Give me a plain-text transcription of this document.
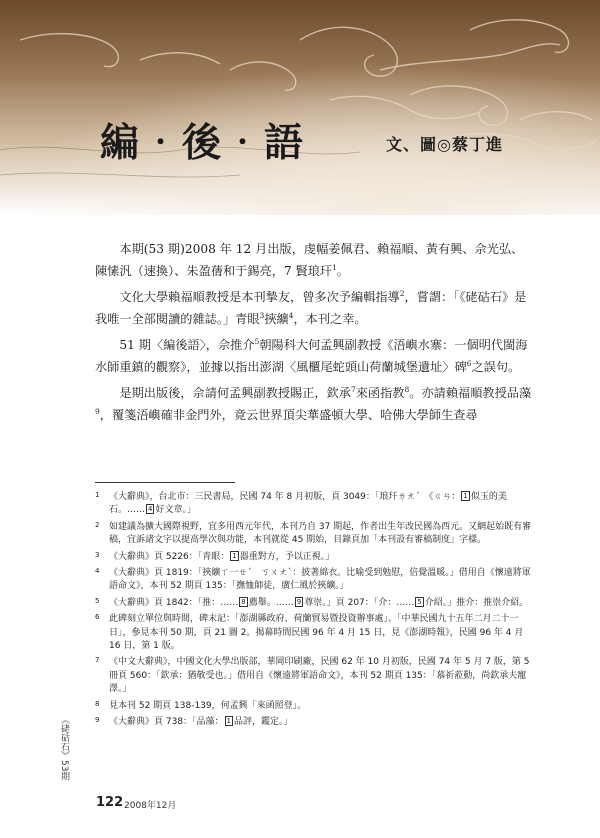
編‧後‧語	文、圖◎蔡丁進

本期(53 期)2008 年 12 月出版，虔幅姜佩君、賴福順、黃有興、佘光弘、陳愫汎（速換）、朱盈蒨和于錫亮，7 賢琅玕$^1$。

文化大學賴福順教授是本刊摯友，曾多次予編輯指導$^2$，嘗謂：「《硓𥑮石》是我唯一全部閱讀的雜誌。」青眼$^3$挾纊$^4$，本刊之幸。

51 期〈編後語〉，佘推介$^5$朝陽科大何孟興副教授《浯嶼水寨：一個明代閩海水師重鎮的觀察》，並據以指出澎湖〈風櫃尾蛇頭山荷蘭城堡遺址〉碑$^6$之誤句。

是期出版後，佘請何孟興副教授賜正，欽承$^7$來函指教$^8$。亦請賴福順教授品藻$^9$，覆箋浯嶼確非金門外，竟云世界頂尖華盛頓大學、哈佛大學師生查尋

1 《大辭典》，台北市：三民書局，民國 74 年 8 月初版，頁 3049：「琅玕ㄌㄤˊ　《ㄍㄢ： 1 似玉的美石。…… 4 好文章。」
2 如建議為擴大國際視野，宜多用西元年代，本刊乃自 37 期起，作者出生年改民國為西元。又網起始既有審稿，宜訴諸文字以提高學次與功能，本刊就從 45 期始，目錄頁加「本刊設有審稿制度」字樣。
3 《大辭典》頁 5226：「青眼： 1 器重對方，予以正視。」
4 《大辭典》頁 1819：「挾纊ㄒ一ㄝˊ　ㄎㄨㄤˋ：披著綿衣。比喻受到勉慰，倍覺溫暖。」借用自《懷遠將軍語命文》，本刊 52 期頁 135：「撫恤師徒，廣仁風於挾纊。」
5 《大辭典》頁 1842：「推：…… 8 薦舉。…… 9 尊崇。」頁 207：「介：…… 5 介紹。」推介：推崇介紹。
6 此碑刻立單位與時間，碑末記：「澎湖縣政府、荷蘭貿易暨投資辦事處」、「中華民國九十五年二月二十一日」，參見本刊 50 期，頁 21 圖 2。揭幕時間民國 96 年 4 月 15 日，見《澎湖時報》，民國 96 年 4 月 16 日，第 1 版。
7 《中文大辭典》，中國文化大學出版部，華岡印刷廠，民國 62 年 10 月初版，民國 74 年 5 月 7 版，第 5 冊頁 560：「欽承：猶敬受也。」借用自《懷遠將軍語命文》，本刊 52 期頁 135：「慕祈蒞動，尚欽承夫寵澤。」
8 見本刊 52 期頁 138-139，何孟興「來函照登」。
9 《大辭典》頁 738：「品藻： 1 品評，鑑定。」
《硓𥑮石》53期
122 2008年12月
